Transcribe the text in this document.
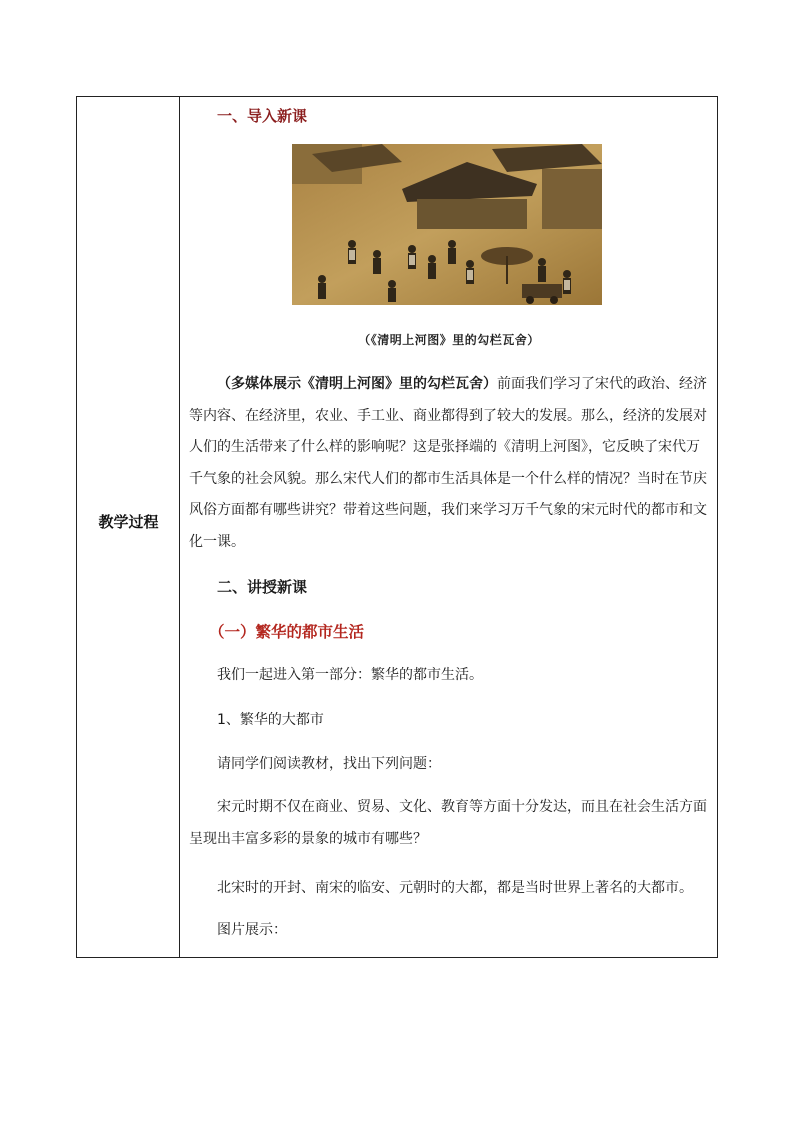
教学过程
一、导入新课
（《清明上河图》里的勾栏瓦舍）
（多媒体展示《清明上河图》里的勾栏瓦舍）前面我们学习了宋代的政治、经济等内容、在经济里，农业、手工业、商业都得到了较大的发展。那么，经济的发展对人们的生活带来了什么样的影响呢？这是张择端的《清明上河图》，它反映了宋代万千气象的社会风貌。那么宋代人们的都市生活具体是一个什么样的情况？当时在节庆风俗方面都有哪些讲究？带着这些问题，我们来学习万千气象的宋元时代的都市和文化一课。
二、讲授新课
（一）繁华的都市生活
我们一起进入第一部分：繁华的都市生活。
1、繁华的大都市
请同学们阅读教材，找出下列问题：
宋元时期不仅在商业、贸易、文化、教育等方面十分发达，而且在社会生活方面呈现出丰富多彩的景象的城市有哪些？
北宋时的开封、南宋的临安、元朝时的大都，都是当时世界上著名的大都市。
图片展示：
